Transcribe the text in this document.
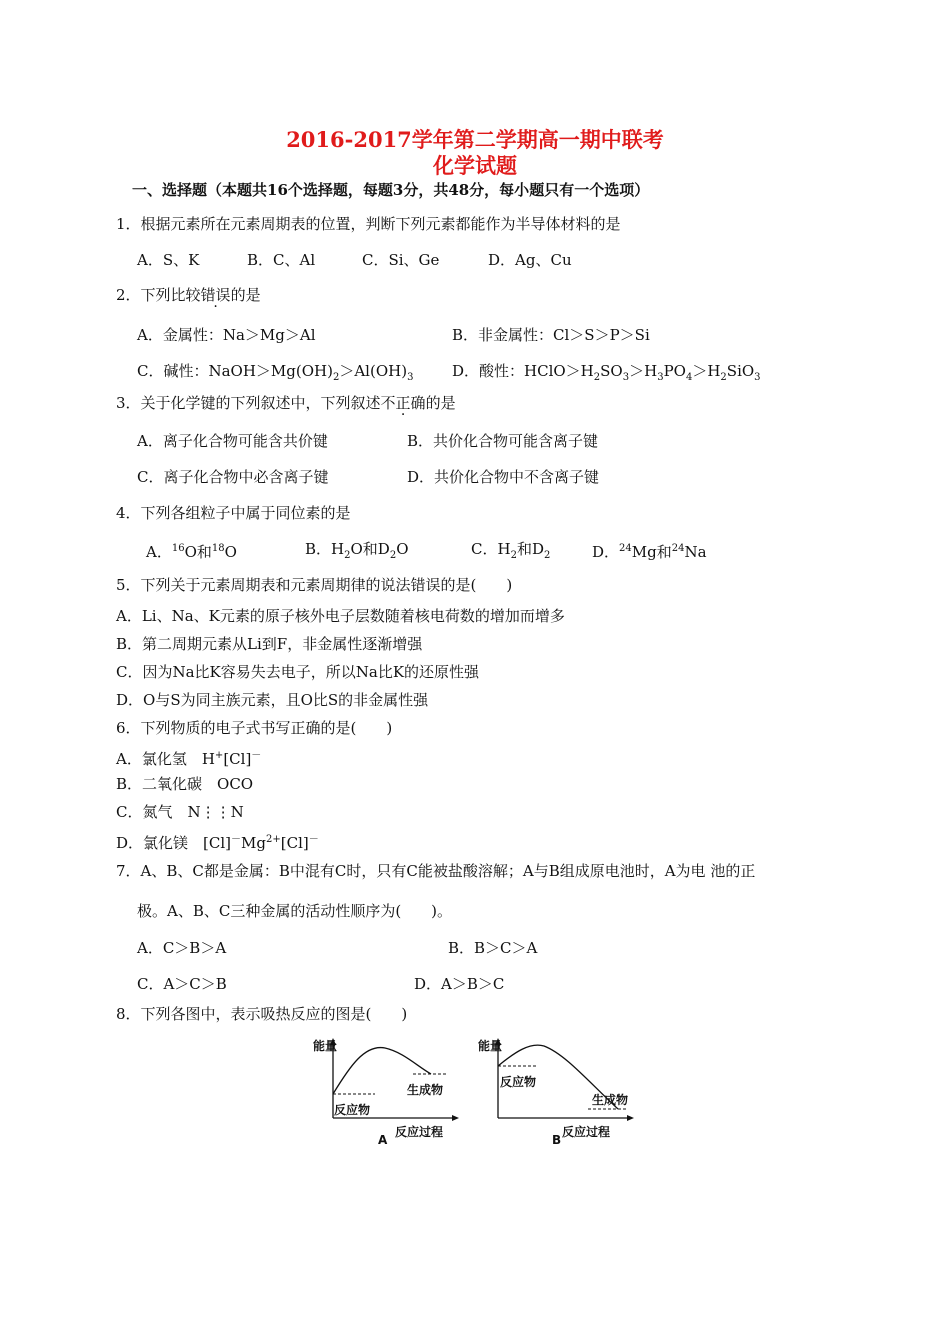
2016-2017学年第二学期高一期中联考
化学试题
一、选择题（本题共16个选择题，每题3分，共48分，每小题只有一个选项）
1．根据元素所在元素周期表的位置，判断下列元素都能作为半导体材料的是
A．S、K	B．C、Al	C．Si、Ge	D．Ag、Cu
2．下列比较错误的是
A．金属性：Na＞Mg＞Al	B．非金属性：Cl＞S＞P＞Si
C．碱性：$NaOH>Mg(OH)_2>Al(OH)_3$	D．酸性：$HClO>H_2SO_3>H_3PO_4>H_2SiO_3$
3．关于化学键的下列叙述中，下列叙述不正确的是
A．离子化合物可能含共价键	B．共价化合物可能含离子键
C．离子化合物中必含离子键	D．共价化合物中不含离子键
4．下列各组粒子中属于同位素的是
A．$^{16}$O和$^{18}$O	B．$H_2O$和$D_2O$	C．$H_2$和$D_2$	D．$^{24}$Mg和$^{24}$Na
5．下列关于元素周期表和元素周期律的说法错误的是(　　)
A．Li、Na、K元素的原子核外电子层数随着核电荷数的增加而增多
B．第二周期元素从Li到F，非金属性逐渐增强
C．因为Na比K容易失去电子，所以Na比K的还原性强
D．O与S为同主族元素，且O比S的非金属性强
6．下列物质的电子式书写正确的是(　　)
A．氯化氢　H+[Cl]－
B．二氧化碳　OCO
C．氮气　N⋮⋮N
D．氯化镁　$[Cl]^-Mg^{2+}[Cl]^-$
7．A、B、C都是金属：B中混有C时，只有C能被盐酸溶解；A与B组成原电池时，A为电 池的正
极。A、B、C三种金属的活动性顺序为(　　)。
A．C＞B＞A	B．B＞C＞A
C．A＞C＞B	D．A＞B＞C
8．下列各图中，表示吸热反应的图是(　　)
能量
反应物
生成物
反应过程
A
能量
反应物
生成物
反应过程
B
